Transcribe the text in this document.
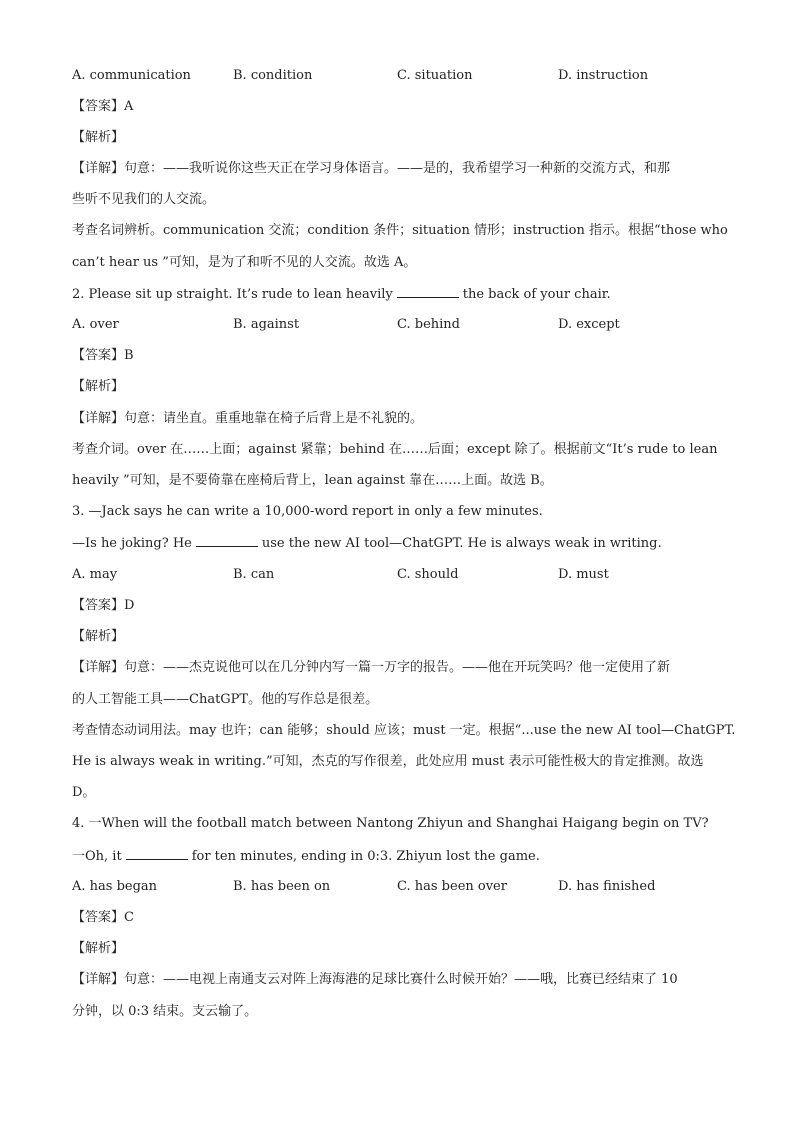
A. communication	B. condition	C. situation	D. instruction
【答案】A
【解析】
【详解】句意：——我听说你这些天正在学习身体语言。——是的，我希望学习一种新的交流方式，和那
些听不见我们的人交流。
考查名词辨析。communication 交流；condition 条件；situation 情形；instruction 指示。根据“those who
can’t hear us ”可知，是为了和听不见的人交流。故选 A。
2. Please sit up straight. It’s rude to lean heavily	the back of your chair.
A. over	B. against	C. behind	D. except
【答案】B
【解析】
【详解】句意：请坐直。重重地靠在椅子后背上是不礼貌的。
考查介词。over 在……上面；against 紧靠；behind 在……后面；except 除了。根据前文“It’s rude to lean
heavily ”可知，是不要倚靠在座椅后背上，lean against 靠在……上面。故选 B。
3. —Jack says he can write a 10,000-word report in only a few minutes.
—Is he joking? He	use the new AI tool—ChatGPT. He is always weak in writing.
A. may	B. can	C. should	D. must
【答案】D
【解析】
【详解】句意：——杰克说他可以在几分钟内写一篇一万字的报告。——他在开玩笑吗？他一定使用了新
的人工智能工具——ChatGPT。他的写作总是很差。
考查情态动词用法。may 也许；can 能够；should 应该；must 一定。根据“...use the new AI tool—ChatGPT.
He is always weak in writing.”可知，杰克的写作很差，此处应用 must 表示可能性极大的肯定推测。故选
D。
4. 一When will the football match between Nantong Zhiyun and Shanghai Haigang begin on TV?
一Oh, it	for ten minutes, ending in 0:3. Zhiyun lost the game.
A. has began	B. has been on	C. has been over	D. has finished
【答案】C
【解析】
【详解】句意：——电视上南通支云对阵上海海港的足球比赛什么时候开始？——哦，比赛已经结束了 10
分钟，以 0:3 结束。支云输了。
